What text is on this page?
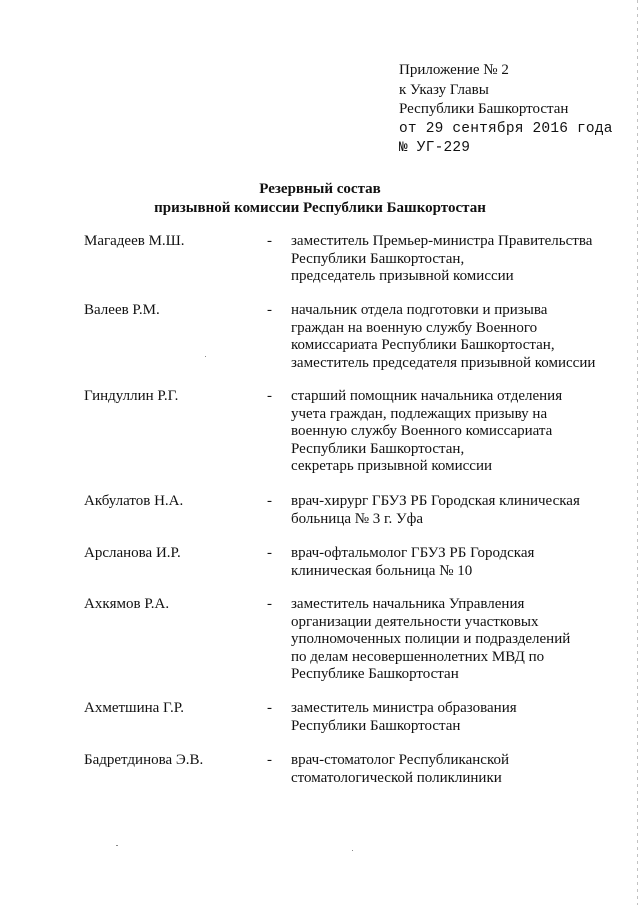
Приложение № 2
к Указу Главы
Республики Башкортостан
от 29 сентября 2016 года
№ УГ-229
Резервный состав
призывной комиссии Республики Башкортостан
Магадеев М.Ш.	- заместитель Премьер-министра Правительства
Республики Башкортостан,
председатель призывной комиссии
Валеев Р.М.	- начальник отдела подготовки и призыва
граждан на военную службу Военного
комиссариата Республики Башкортостан,
заместитель председателя призывной комиссии
Гиндуллин Р.Г.	- старший помощник начальника отделения
учета граждан, подлежащих призыву на
военную службу Военного комиссариата
Республики Башкортостан,
секретарь призывной комиссии
Акбулатов Н.А.	- врач-хирург ГБУЗ РБ Городская клиническая
больница № 3 г. Уфа
Арсланова И.Р.	- врач-офтальмолог ГБУЗ РБ Городская
клиническая больница № 10
Ахкямов Р.А.	- заместитель начальника Управления
организации деятельности участковых
уполномоченных полиции и подразделений
по делам несовершеннолетних МВД по
Республике Башкортостан
Ахметшина Г.Р.	- заместитель министра образования
Республики Башкортостан
Бадретдинова Э.В.	- врач-стоматолог Республиканской
стоматологической поликлиники
